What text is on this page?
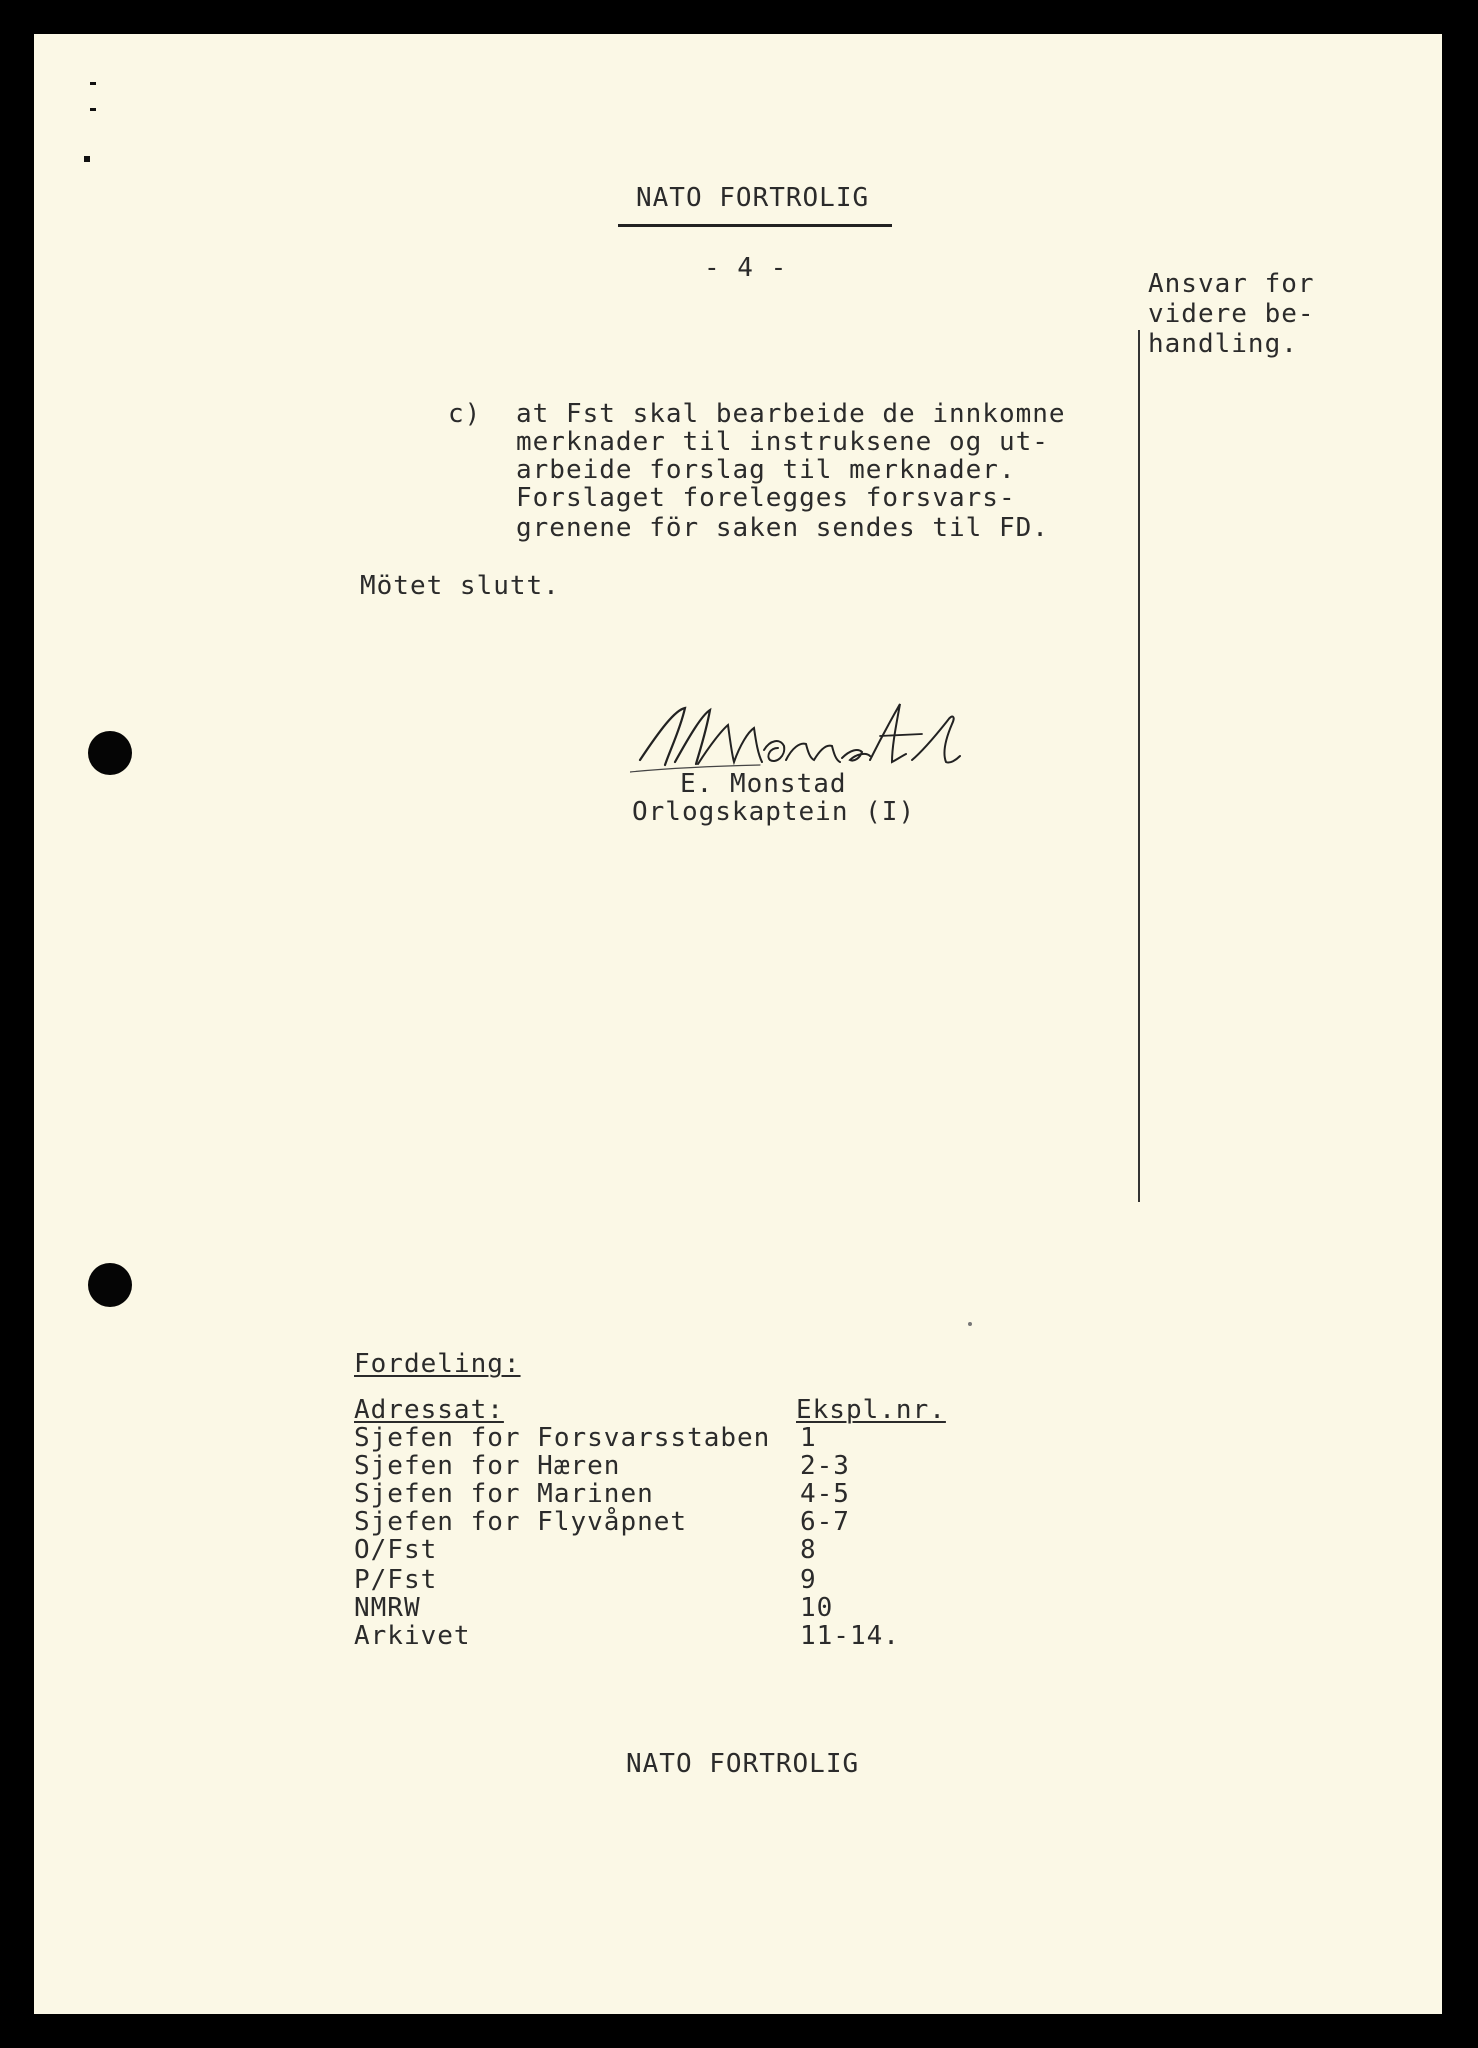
NATO FORTROLIG
- 4 -
Ansvar for
videre be-
handling.
c) at Fst skal bearbeide de innkomne
merknader til instruksene og ut-
arbeide forslag til merknader.
Forslaget forelegges forsvars-
grenene för saken sendes til FD.
Mötet slutt.
E. Monstad
Orlogskaptein (I)
Fordeling:
Adressat:	Ekspl.nr.
Sjefen for Forsvarsstaben 1
Sjefen for Hæren	2-3
Sjefen for Marinen	4-5
Sjefen for Flyvåpnet	6-7
O/Fst	8
P/Fst	9
NMRW	10
Arkivet	11-14.
NATO FORTROLIG
